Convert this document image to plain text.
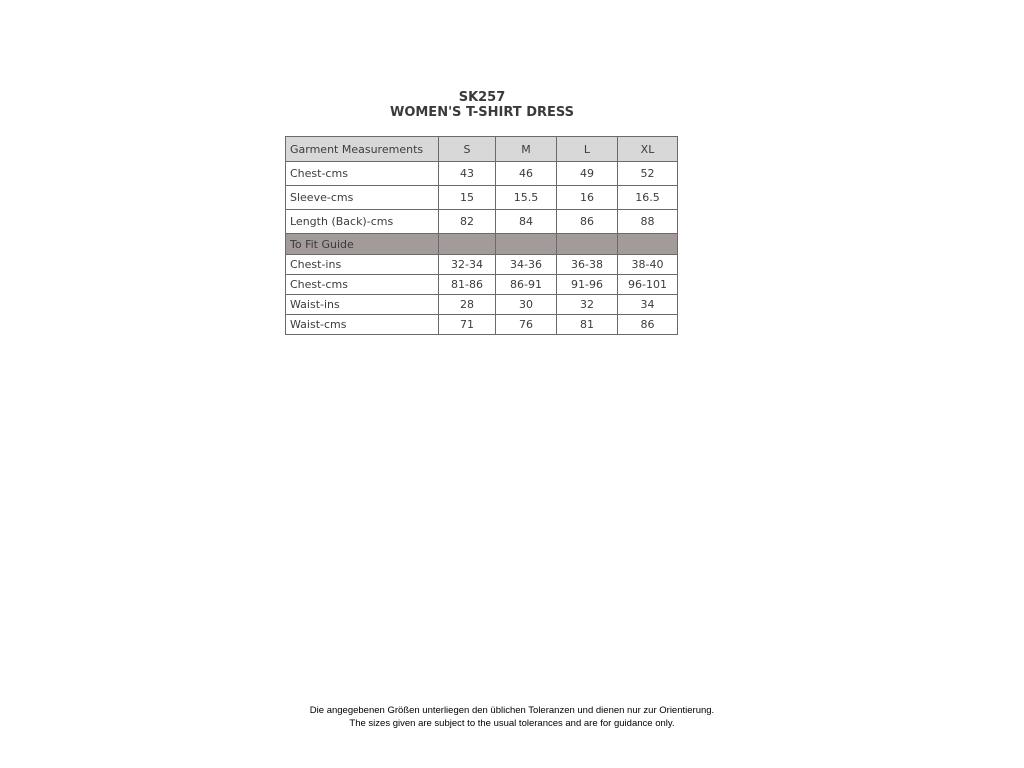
SK257
WOMEN'S T-SHIRT DRESS
Garment Measurements	S	M	L	XL
Chest-cms	43	46	49	52
Sleeve-cms	15	15.5	16	16.5
Length (Back)-cms	82	84	86	88
To Fit Guide				
Chest-ins	32-34	34-36	36-38	38-40
Chest-cms	81-86	86-91	91-96	96-101
Waist-ins	28	30	32	34
Waist-cms	71	76	81	86
Die angegebenen Größen unterliegen den üblichen Toleranzen und dienen nur zur Orientierung.
The sizes given are subject to the usual tolerances and are for guidance only.
